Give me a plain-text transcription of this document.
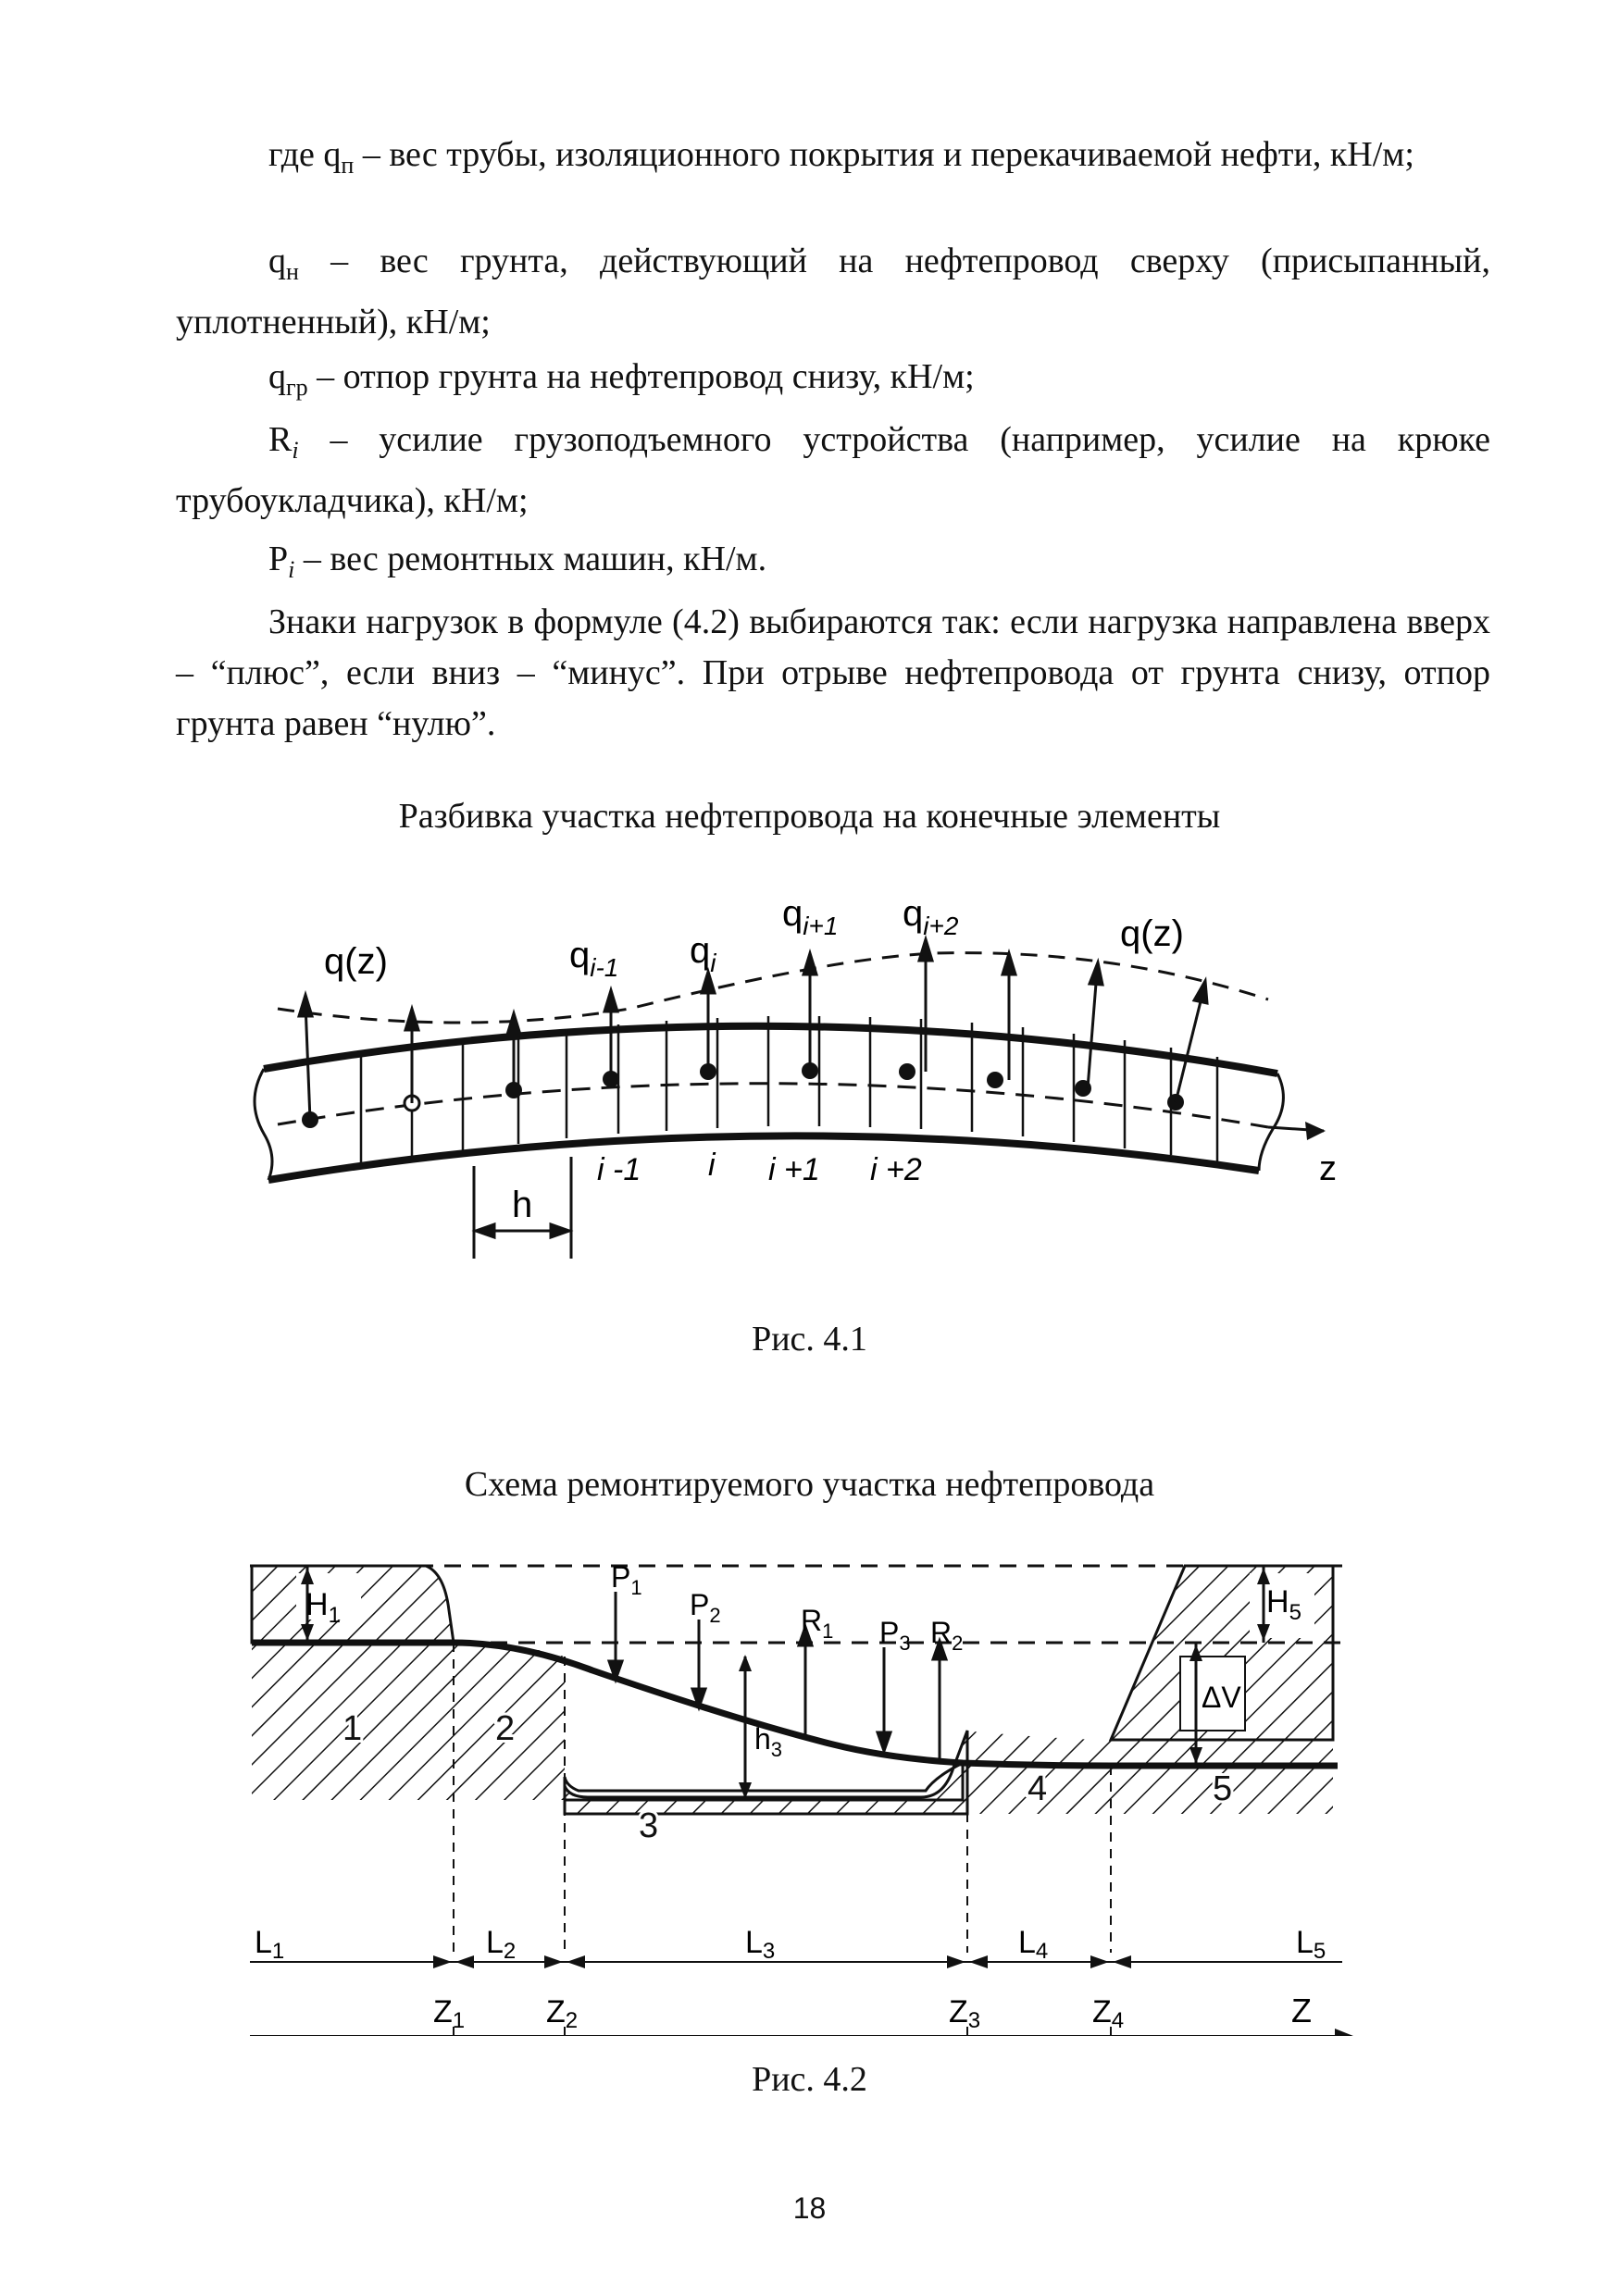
где $q_п$ – вес трубы, изоляционного покрытия и перекачиваемой нефти, кН/м;

$q_н$ – вес грунта, действующий на нефтепровод сверху (присыпанный, уплотненный), кН/м;

$q_{гр}$ – отпор грунта на нефтепровод снизу, кН/м;

$R_i$ – усилие грузоподъемного устройства (например, усилие на крюке трубоукладчика), кН/м;

$P_i$ – вес ремонтных машин, кН/м.

Знаки нагрузок в формуле (4.2) выбираются так: если нагрузка направлена вверх – “плюс”, если вниз – “минус”. При отрыве нефтепровода от грунта снизу, отпор грунта равен “нулю”.

Разбивка участка нефтепровода на конечные элементы
h
q(z)
q(z)
$q_{i-1}$ $q_i$
$q_{i+1}$ $q_{i+2}$
i -1 i i +1 i +2	z
Рис. 4.1
Схема ремонтируемого участка нефтепровода
$H_1$	$H_5$
ΔV
$P_1$
$P_2$	$R_1$ $P_3$ $R_2$
$h_3$
1	2
3
4	5
L1	L2	L3	L4	L5
Z1	Z2	Z3	Z4	Z
Рис. 4.2
18
